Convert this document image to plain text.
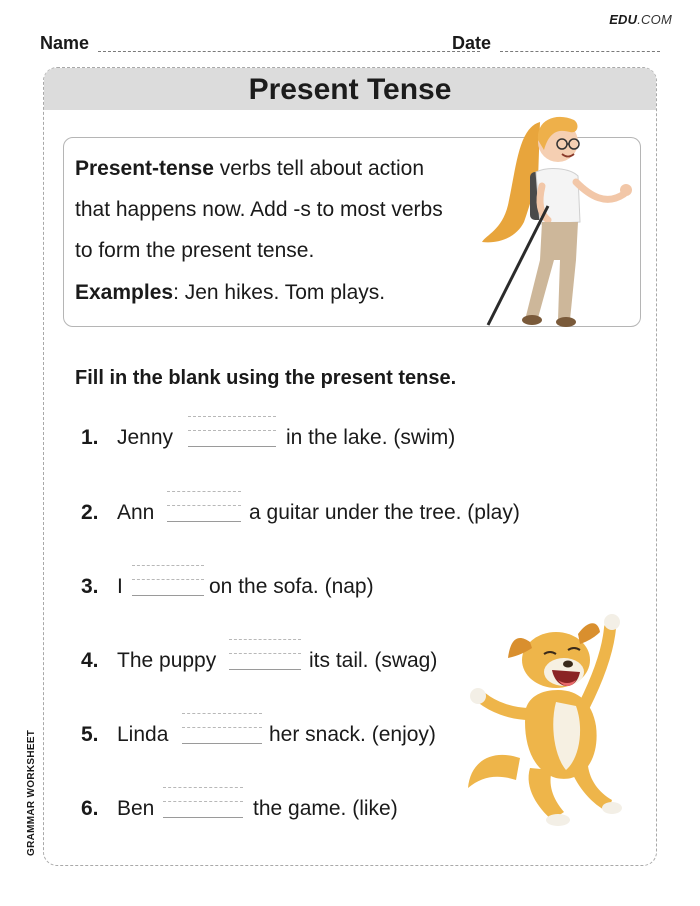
EDU.COM
Name	Date
Present Tense
Present-tense verbs tell about action
that happens now. Add -s to most verbs
to form the present tense.
Examples: Jen hikes. Tom plays.
Fill in the blank using the present tense.
1. Jenny	in the lake. (swim)
2. Ann	a guitar under the tree. (play)
3. I	on the sofa. (nap)
4. The puppy	its tail. (swag)
5. Linda	her snack. (enjoy)
6. Ben	the game. (like)
GRAMMAR WORKSHEET
